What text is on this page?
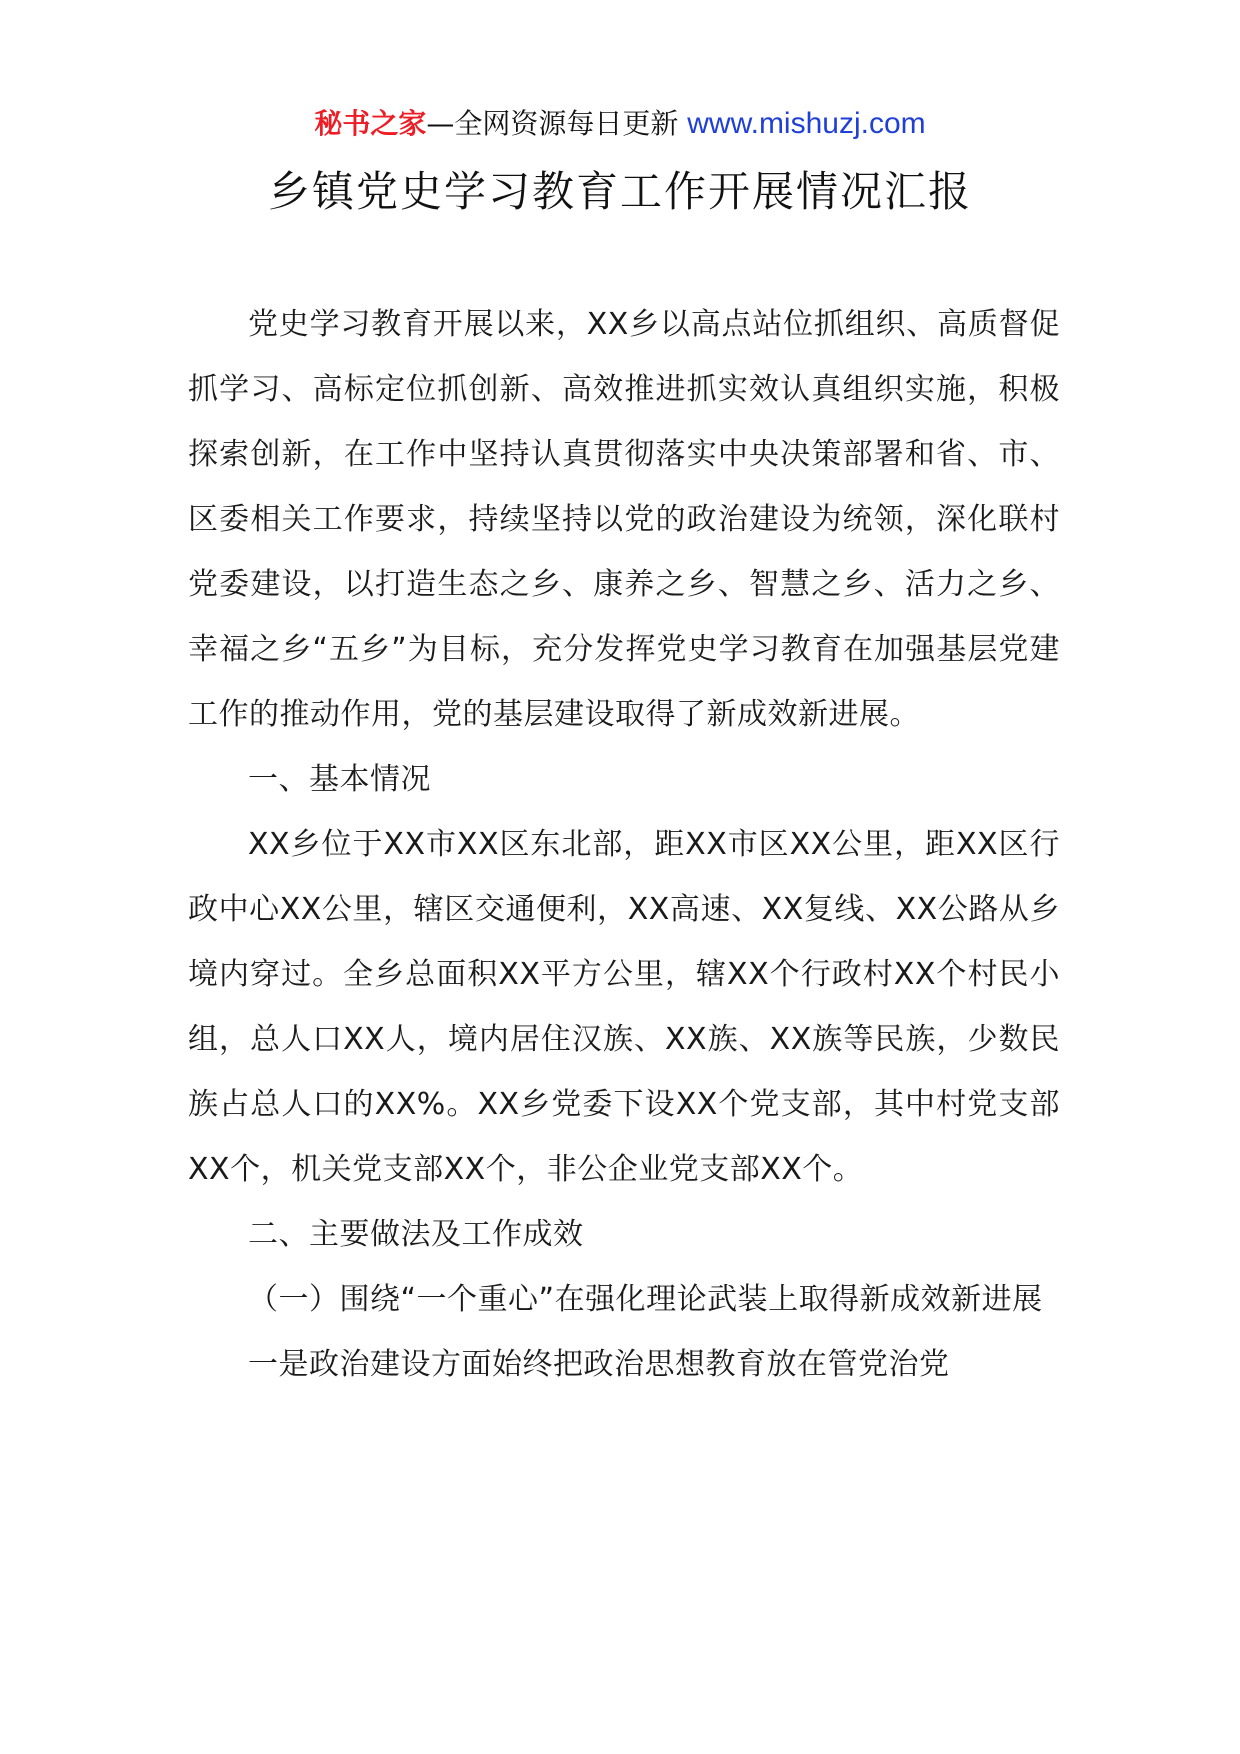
秘书之家—全网资源每日更新 www.mishuzj.com
乡镇党史学习教育工作开展情况汇报

党史学习教育开展以来，XX乡以高点站位抓组织、高质督促抓学习、高标定位抓创新、高效推进抓实效认真组织实施，积极探索创新，在工作中坚持认真贯彻落实中央决策部署和省、市、区委相关工作要求，持续坚持以党的政治建设为统领，深化联村党委建设，以打造生态之乡、康养之乡、智慧之乡、活力之乡、幸福之乡“五乡”为目标，充分发挥党史学习教育在加强基层党建工作的推动作用，党的基层建设取得了新成效新进展。

一、基本情况

XX乡位于XX市XX区东北部，距XX市区XX公里，距XX区行政中心XX公里，辖区交通便利，XX高速、XX复线、XX公路从乡境内穿过。全乡总面积XX平方公里，辖XX个行政村XX个村民小组，总人口XX人，境内居住汉族、XX族、XX族等民族，少数民族占总人口的XX%。XX乡党委下设XX个党支部，其中村党支部XX个，机关党支部XX个，非公企业党支部XX个。

二、主要做法及工作成效

（一）围绕“一个重心”在强化理论武装上取得新成效新进展

一是政治建设方面始终把政治思想教育放在管党治党
